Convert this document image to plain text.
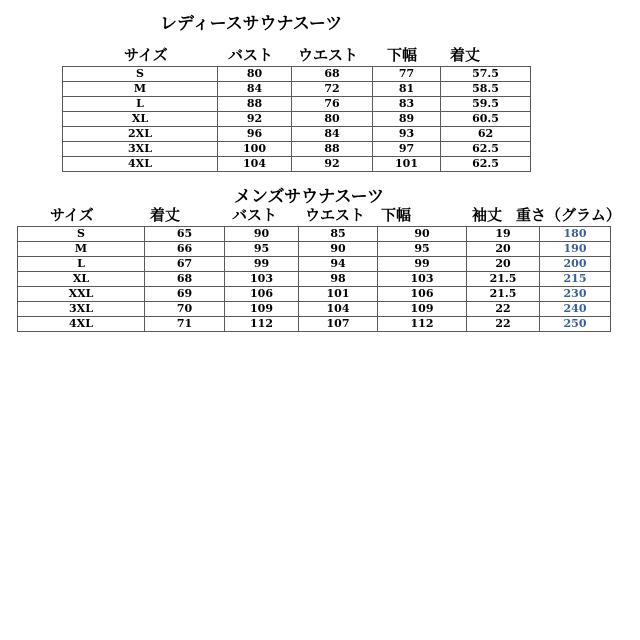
レディースサウナスーツ
サイズ	バスト ウエスト 下幅 着丈
S	80	68	77	57.5
M	84	72	81	58.5
L	88	76	83	59.5
XL	92	80	89	60.5
2XL	96	84	93	62
3XL	100	88	97	62.5
4XL	104	92	101	62.5
メンズサウナスーツ
サイズ	着丈	バスト ウエスト 下幅	袖丈 重さ（グラム）
S	65	90	85	90	19	180
M	66	95	90	95	20	190
L	67	99	94	99	20	200
XL	68	103	98	103	21.5	215
XXL	69	106	101	106	21.5	230
3XL	70	109	104	109	22	240
4XL	71	112	107	112	22	250
